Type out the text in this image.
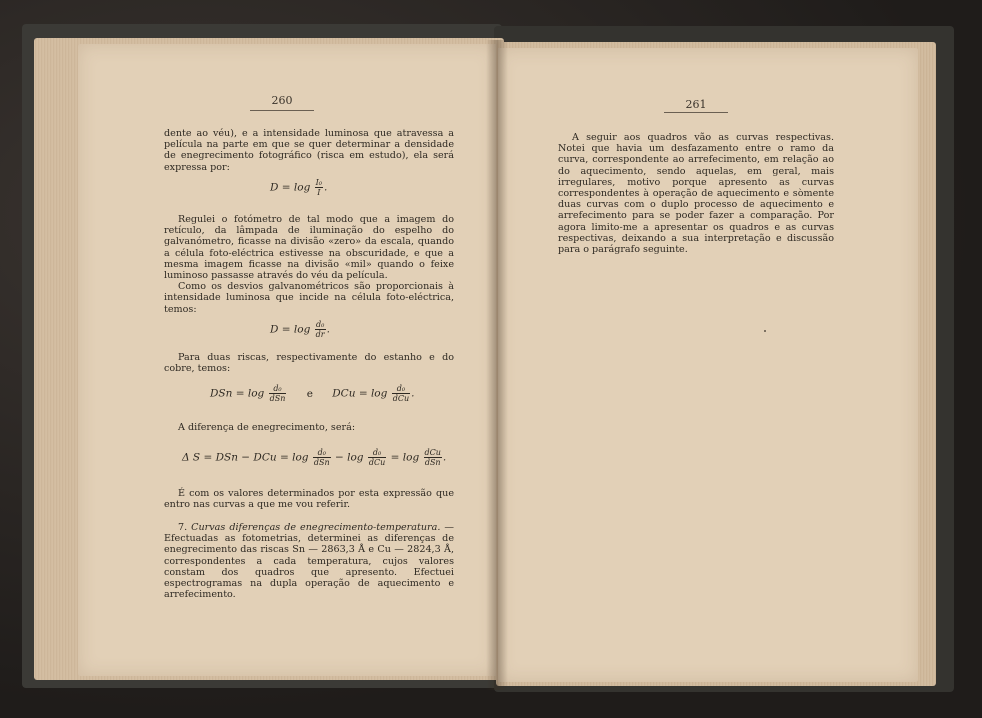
260

dente ao véu), e a intensidade luminosa que atravessa a película na parte em que se quer determinar a densidade de enegrecimento fotográfico (risca em estudo), ela será expressa por:

$D = \log \frac{\text{I₀}}{I}$ .

Regulei o fotómetro de tal modo que a imagem do retículo, da lâmpada de iluminação do espelho do galvanómetro, ficasse na divisão «zero» da escala, quando a célula foto-eléctrica estivesse na obscuridade, e que a mesma imagem ficasse na divisão «mil» quando o feixe luminoso passasse através do véu da película.

Como os desvios galvanométricos são proporcionais à intensidade luminosa que incide na célula foto-eléctrica, temos:

$D = \log \frac{\text{d₀}}{dr}$ .

Para duas riscas, respectivamente do estanho e do cobre, temos:

DSn = $\log \frac{\text{d₀}}{\text{dSn}}$ e DCu = $\log \frac{\text{d₀}}{\text{dCu}}$ .

A diferença de enegrecimento, será:

Δ S = DSn − DCu = $\log \frac{\text{d₀}}{\text{dSn}} - \log \frac{\text{d₀}}{\text{dCu}} = \log \frac{\text{dCu}}{\text{dSn}}$ .

É com os valores determinados por esta expressão que entro nas curvas a que me vou referir.

7. Curvas diferenças de enegrecimento-temperatura. — Efectuadas as fotometrias, determinei as diferenças de enegrecimento das riscas Sn — 2863,3 Å e Cu — 2824,3 Å, correspondentes a cada temperatura, cujos valores constam dos quadros que apresento. Efectuei espectrogramas na dupla operação de aquecimento e arrefecimento.

261

A seguir aos quadros vão as curvas respectivas. Notei que havia um desfazamento entre o ramo da curva, correspondente ao arrefecimento, em relação ao do aquecimento, sendo aquelas, em geral, mais irregulares, motivo porque apresento as curvas correspondentes à operação de aquecimento e sòmente duas curvas com o duplo processo de aquecimento e arrefecimento para se poder fazer a comparação. Por agora limito-me a apresentar os quadros e as curvas respectivas, deixando a sua interpretação e discussão para o parágrafo seguinte.
